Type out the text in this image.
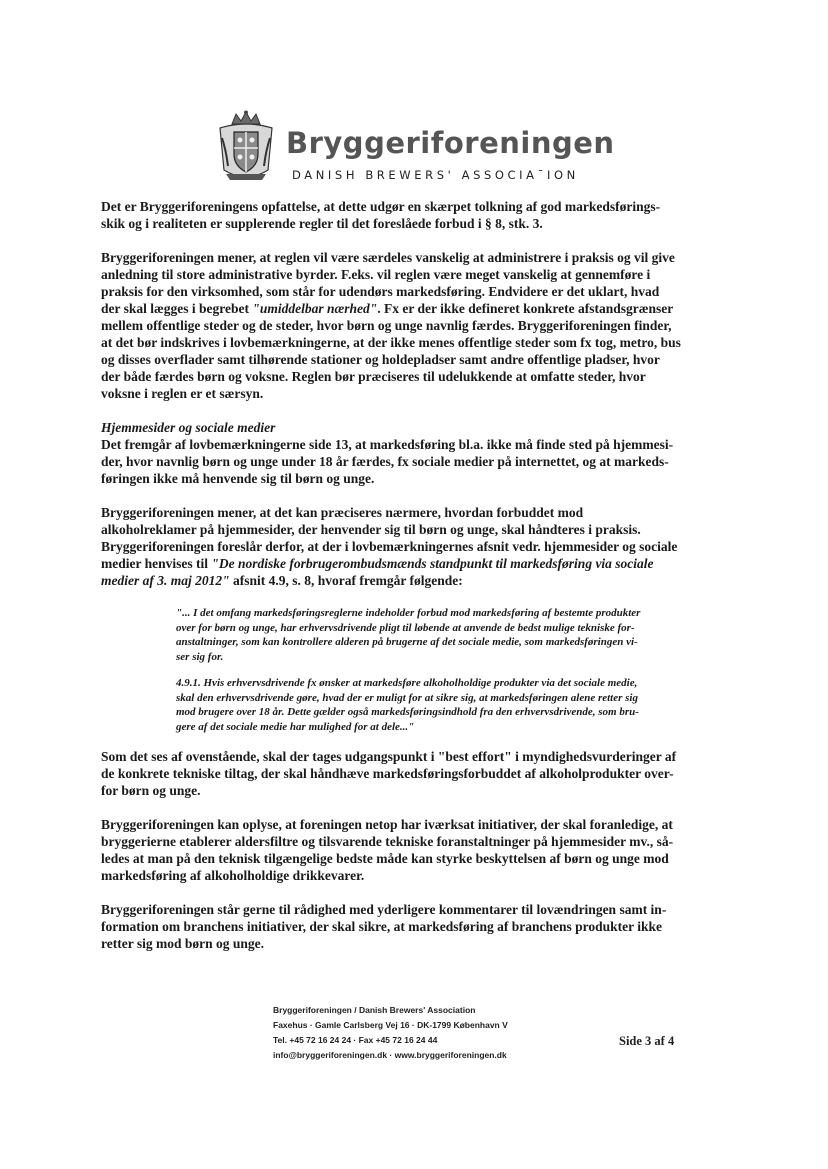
Bryggeriforeningen
DANISH BREWERS' ASSOCIA¯ION

Det er Bryggeriforeningens opfattelse, at dette udgør en skærpet tolkning af god markedsførings-skik og i realiteten er supplerende regler til det foreslåede forbud i § 8, stk. 3.

Bryggeriforeningen mener, at reglen vil være særdeles vanskelig at administrere i praksis og vil give anledning til store administrative byrder. F.eks. vil reglen være meget vanskelig at gennemføre i praksis for den virksomhed, som står for udendørs markedsføring. Endvidere er det uklart, hvad der skal lægges i begrebet "umiddelbar nærhed". Fx er der ikke defineret konkrete afstandsgrænser mellem offentlige steder og de steder, hvor børn og unge navnlig færdes. Bryggeriforeningen finder, at det bør indskrives i lovbemærkningerne, at der ikke menes offentlige steder som fx tog, metro, bus og disses overflader samt tilhørende stationer og holdepladser samt andre offentlige pladser, hvor der både færdes børn og voksne. Reglen bør præciseres til udelukkende at omfatte steder, hvor voksne i reglen er et særsyn.

Hjemmesider og sociale medier

Det fremgår af lovbemærkningerne side 13, at markedsføring bl.a. ikke må finde sted på hjemmesi-der, hvor navnlig børn og unge under 18 år færdes, fx sociale medier på internettet, og at markeds-føringen ikke må henvende sig til børn og unge.

Bryggeriforeningen mener, at det kan præciseres nærmere, hvordan forbuddet mod alkoholreklamer på hjemmesider, der henvender sig til børn og unge, skal håndteres i praksis. Bryggeriforeningen foreslår derfor, at der i lovbemærkningernes afsnit vedr. hjemmesider og sociale medier henvises til "De nordiske forbrugerombudsmænds standpunkt til markedsføring via sociale medier af 3. maj 2012" afsnit 4.9, s. 8, hvoraf fremgår følgende:

"... I det omfang markedsføringsreglerne indeholder forbud mod markedsføring af bestemte produkter over for børn og unge, har erhvervsdrivende pligt til løbende at anvende de bedst mulige tekniske for-anstaltninger, som kan kontrollere alderen på brugerne af det sociale medie, som markedsføringen vi-ser sig for.

4.9.1. Hvis erhvervsdrivende fx ønsker at markedsføre alkoholholdige produkter via det sociale medie, skal den erhvervsdrivende gøre, hvad der er muligt for at sikre sig, at markedsføringen alene retter sig mod brugere over 18 år. Dette gælder også markedsføringsindhold fra den erhvervsdrivende, som bru-gere af det sociale medie har mulighed for at dele..."

Som det ses af ovenstående, skal der tages udgangspunkt i "best effort" i myndighedsvurderinger af de konkrete tekniske tiltag, der skal håndhæve markedsføringsforbuddet af alkoholprodukter over-for børn og unge.

Bryggeriforeningen kan oplyse, at foreningen netop har iværksat initiativer, der skal foranledige, at bryggerierne etablerer aldersfiltre og tilsvarende tekniske foranstaltninger på hjemmesider mv., så-ledes at man på den teknisk tilgængelige bedste måde kan styrke beskyttelsen af børn og unge mod markedsføring af alkoholholdige drikkevarer.

Bryggeriforeningen står gerne til rådighed med yderligere kommentarer til lovændringen samt in-formation om branchens initiativer, der skal sikre, at markedsføring af branchens produkter ikke retter sig mod børn og unge.

Bryggeriforeningen / Danish Brewers' Association
Faxehus · Gamle Carlsberg Vej 16 · DK-1799 København V
Tel. +45 72 16 24 24 · Fax +45 72 16 24 44
info@bryggeriforeningen.dk · www.bryggeriforeningen.dk
Side 3 af 4
